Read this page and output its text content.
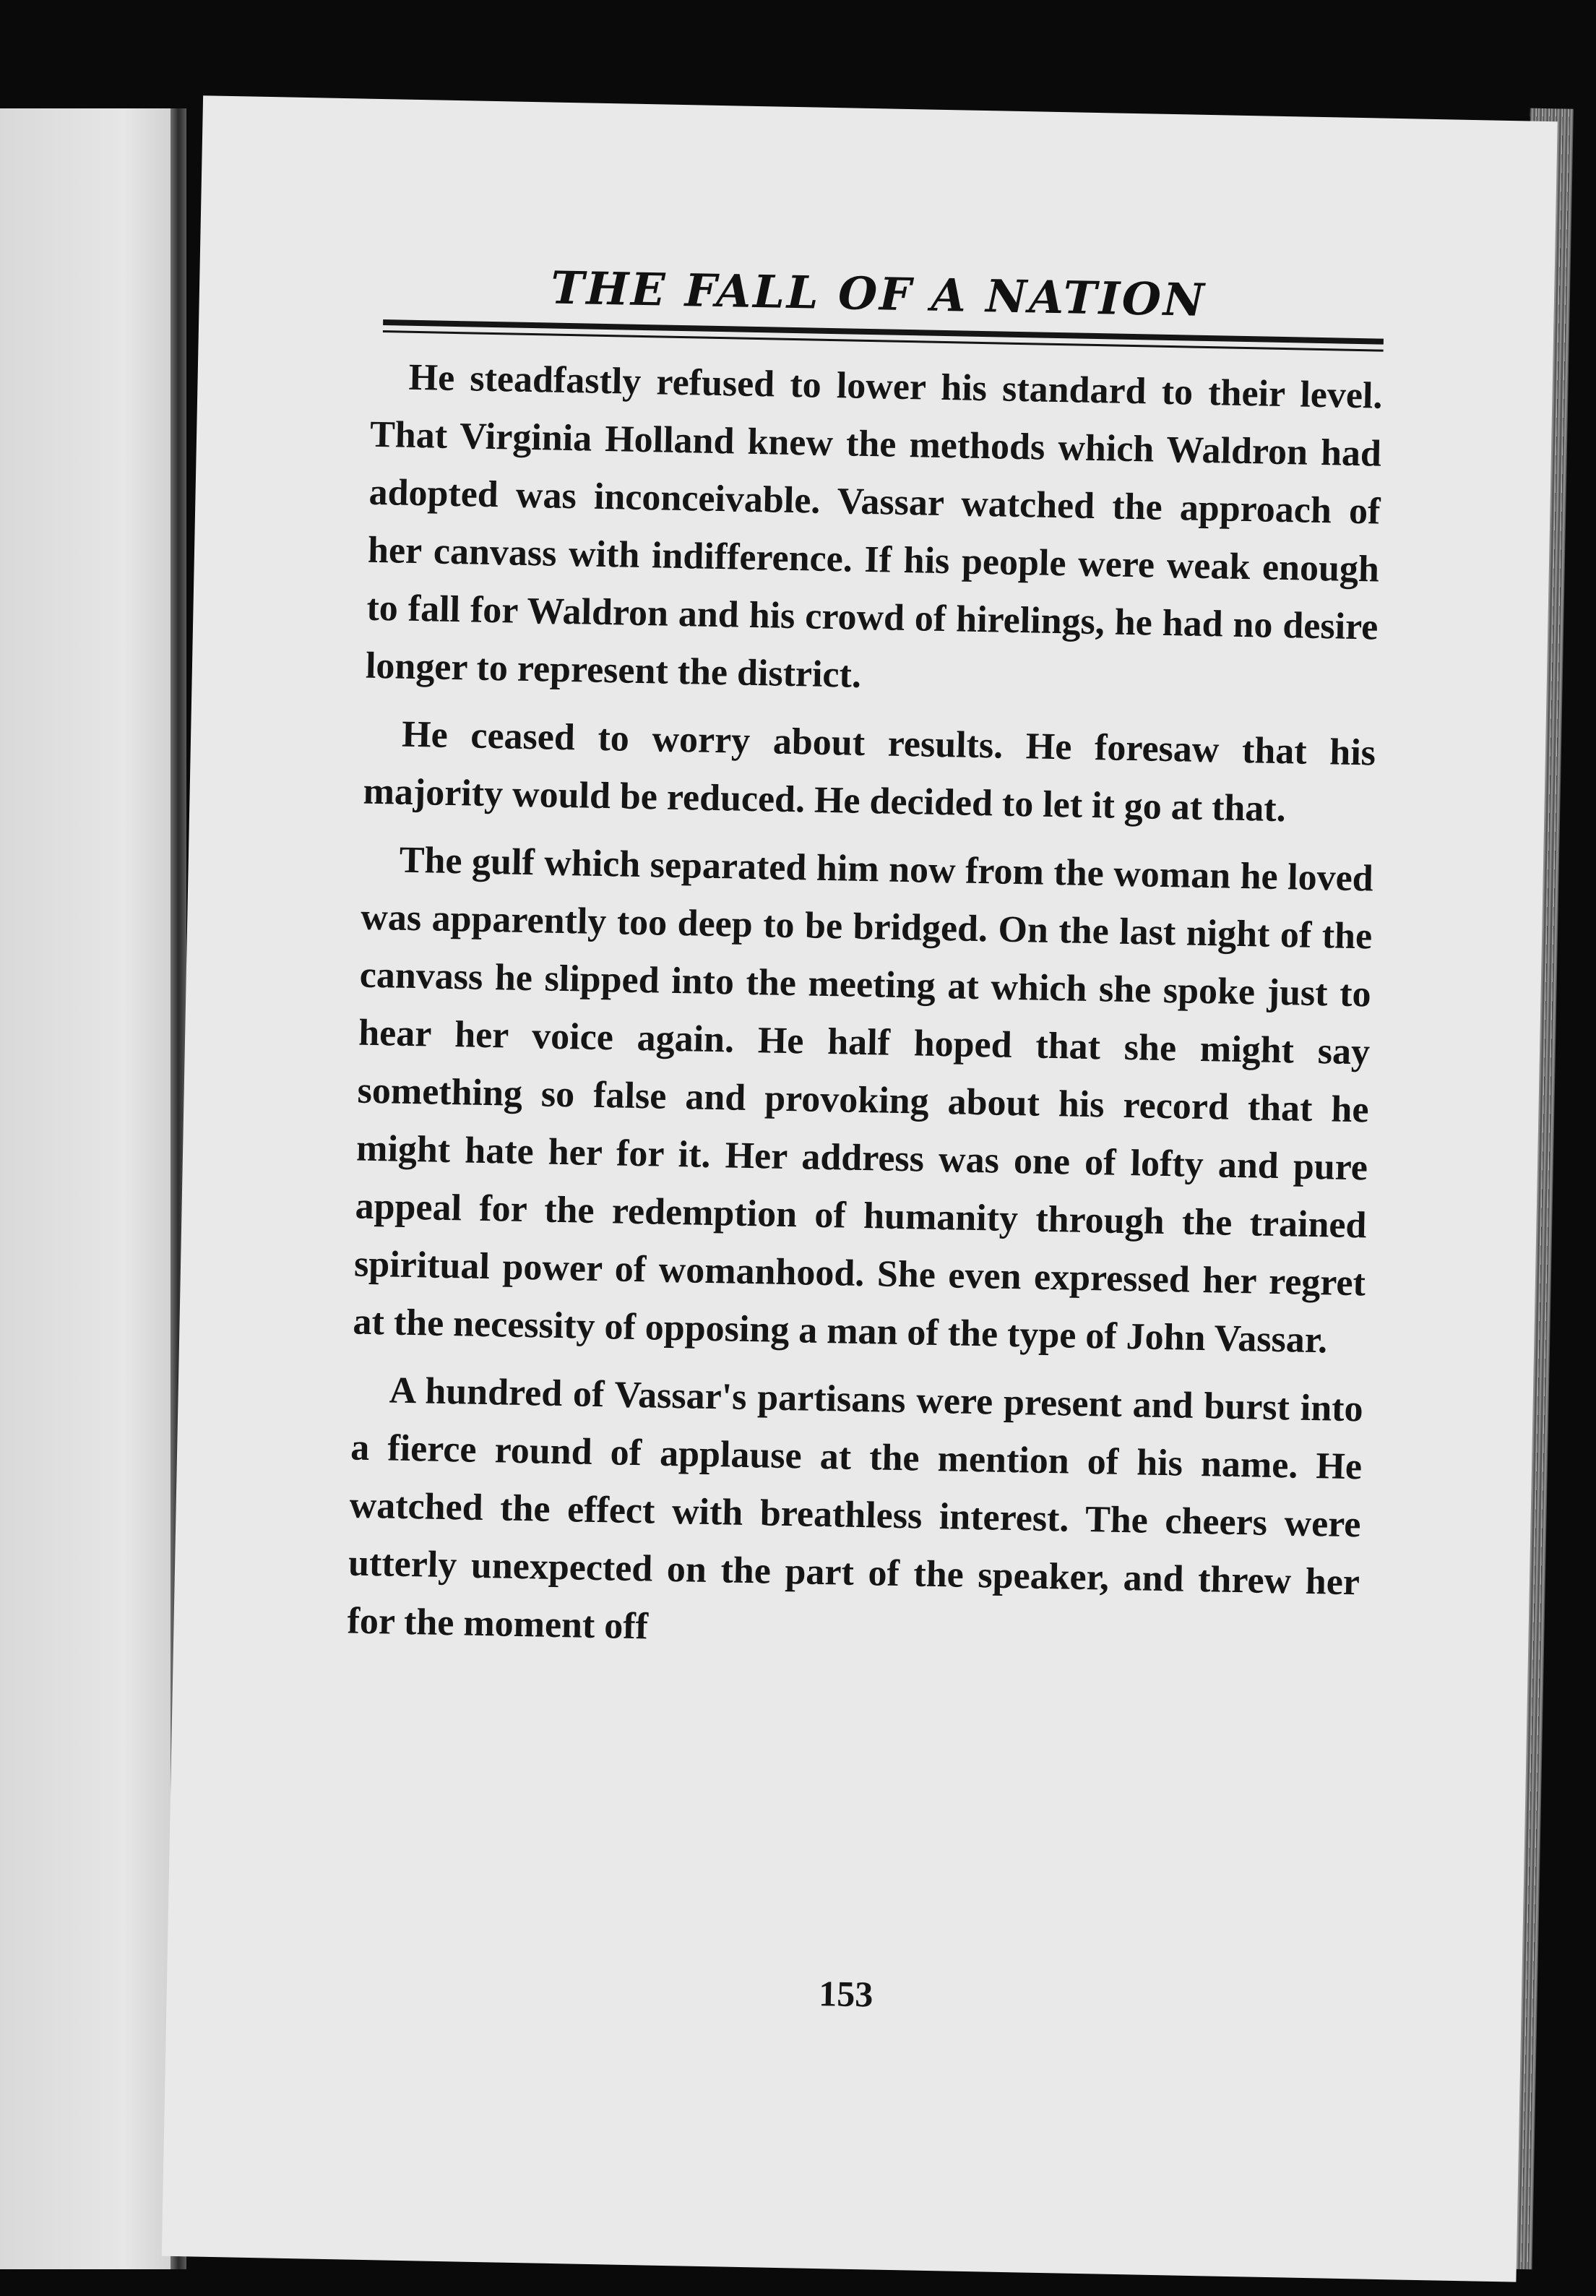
THE FALL OF A NATION

He steadfastly refused to lower his standard to their level. That Virginia Holland knew the methods which Waldron had adopted was inconceivable. Vassar watched the approach of her canvass with indifference. If his people were weak enough to fall for Waldron and his crowd of hirelings, he had no desire longer to represent the district.

He ceased to worry about results. He foresaw that his majority would be reduced. He decided to let it go at that.

The gulf which separated him now from the woman he loved was apparently too deep to be bridged. On the last night of the canvass he slipped into the meeting at which she spoke just to hear her voice again. He half hoped that she might say something so false and provoking about his record that he might hate her for it. Her address was one of lofty and pure appeal for the redemption of humanity through the trained spiritual power of womanhood. She even expressed her regret at the necessity of opposing a man of the type of John Vassar.

A hundred of Vassar's partisans were present and burst into a fierce round of applause at the mention of his name. He watched the effect with breathless interest. The cheers were utterly unexpected on the part of the speaker, and threw her for the moment off

153
